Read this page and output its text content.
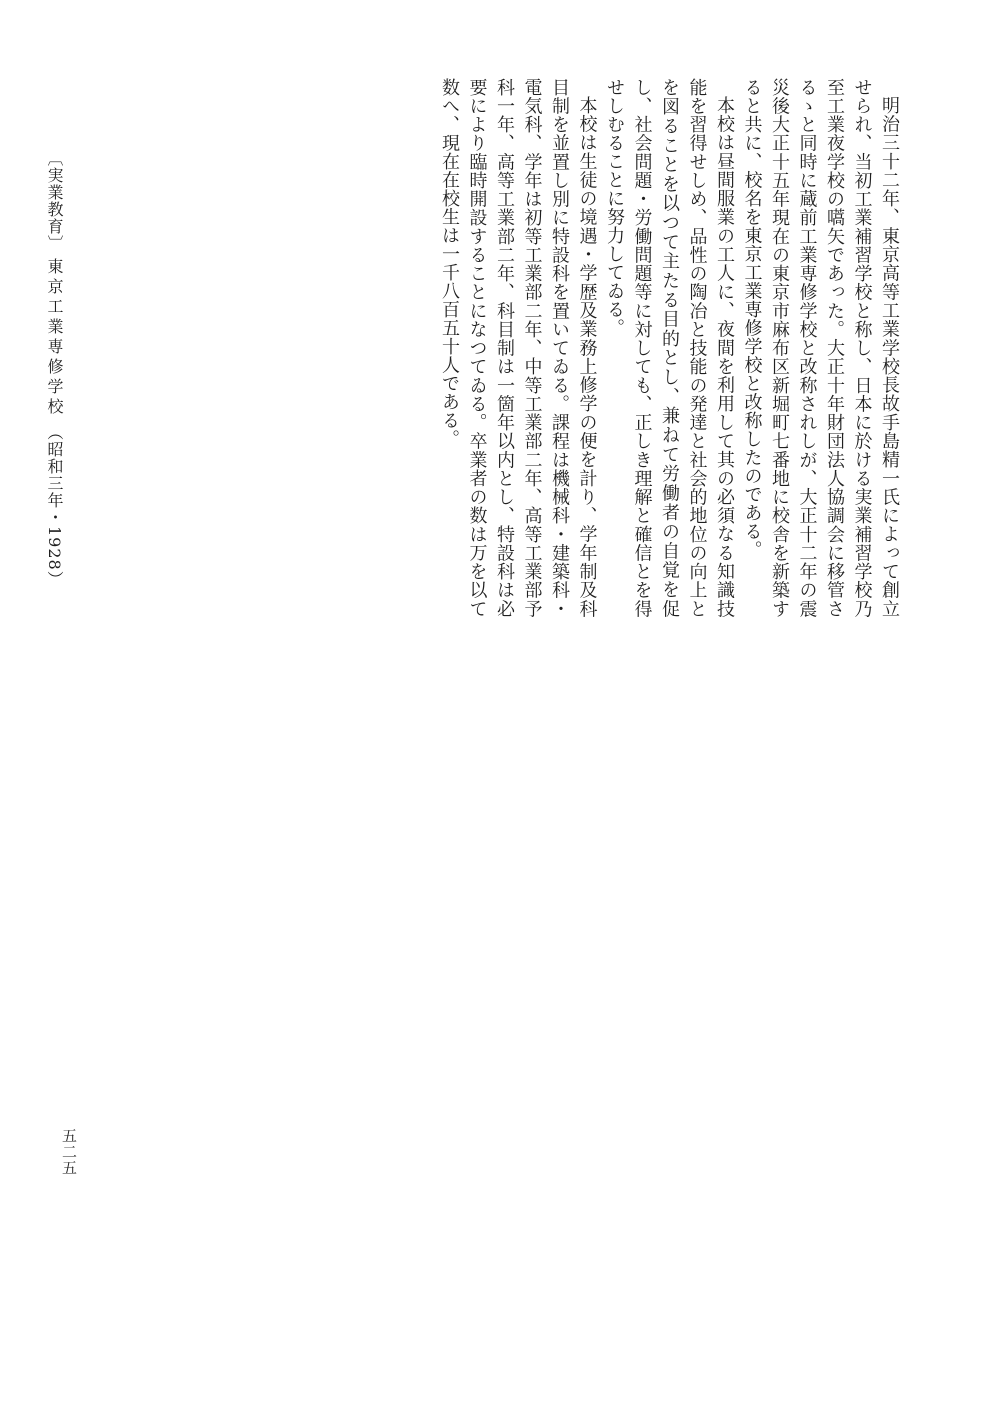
明治三十二年、東京高等工業学校長故手島精一氏によって創立せられ、当初工業補習学校と称し、日本に於ける実業補習学校乃至工業夜学校の嚆矢であった。大正十年財団法人協調会に移管さるゝと同時に蔵前工業専修学校と改称されしが、大正十二年の震災後大正十五年現在の東京市麻布区新堀町七番地に校舎を新築すると共に、校名を東京工業専修学校と改称したのである。

本校は昼間服業の工人に、夜間を利用して其の必須なる知識技能を習得せしめ、品性の陶冶と技能の発達と社会的地位の向上とを図ることを以つて主たる目的とし、兼ねて労働者の自覚を促し、社会問題・労働問題等に対しても、正しき理解と確信とを得せしむることに努力してゐる。

本校は生徒の境遇・学歴及業務上修学の便を計り、学年制及科目制を並置し別に特設科を置いてゐる。課程は機械科・建築科・電気科、学年は初等工業部二年、中等工業部二年、高等工業部予科一年、高等工業部二年、科目制は一箇年以内とし、特設科は必要により臨時開設することになつてゐる。卒業者の数は万を以て数へ、現在在校生は一千八百五十人である。

〔実業教育〕 東京工業専修学校 （昭和三年・1928）
五二五
